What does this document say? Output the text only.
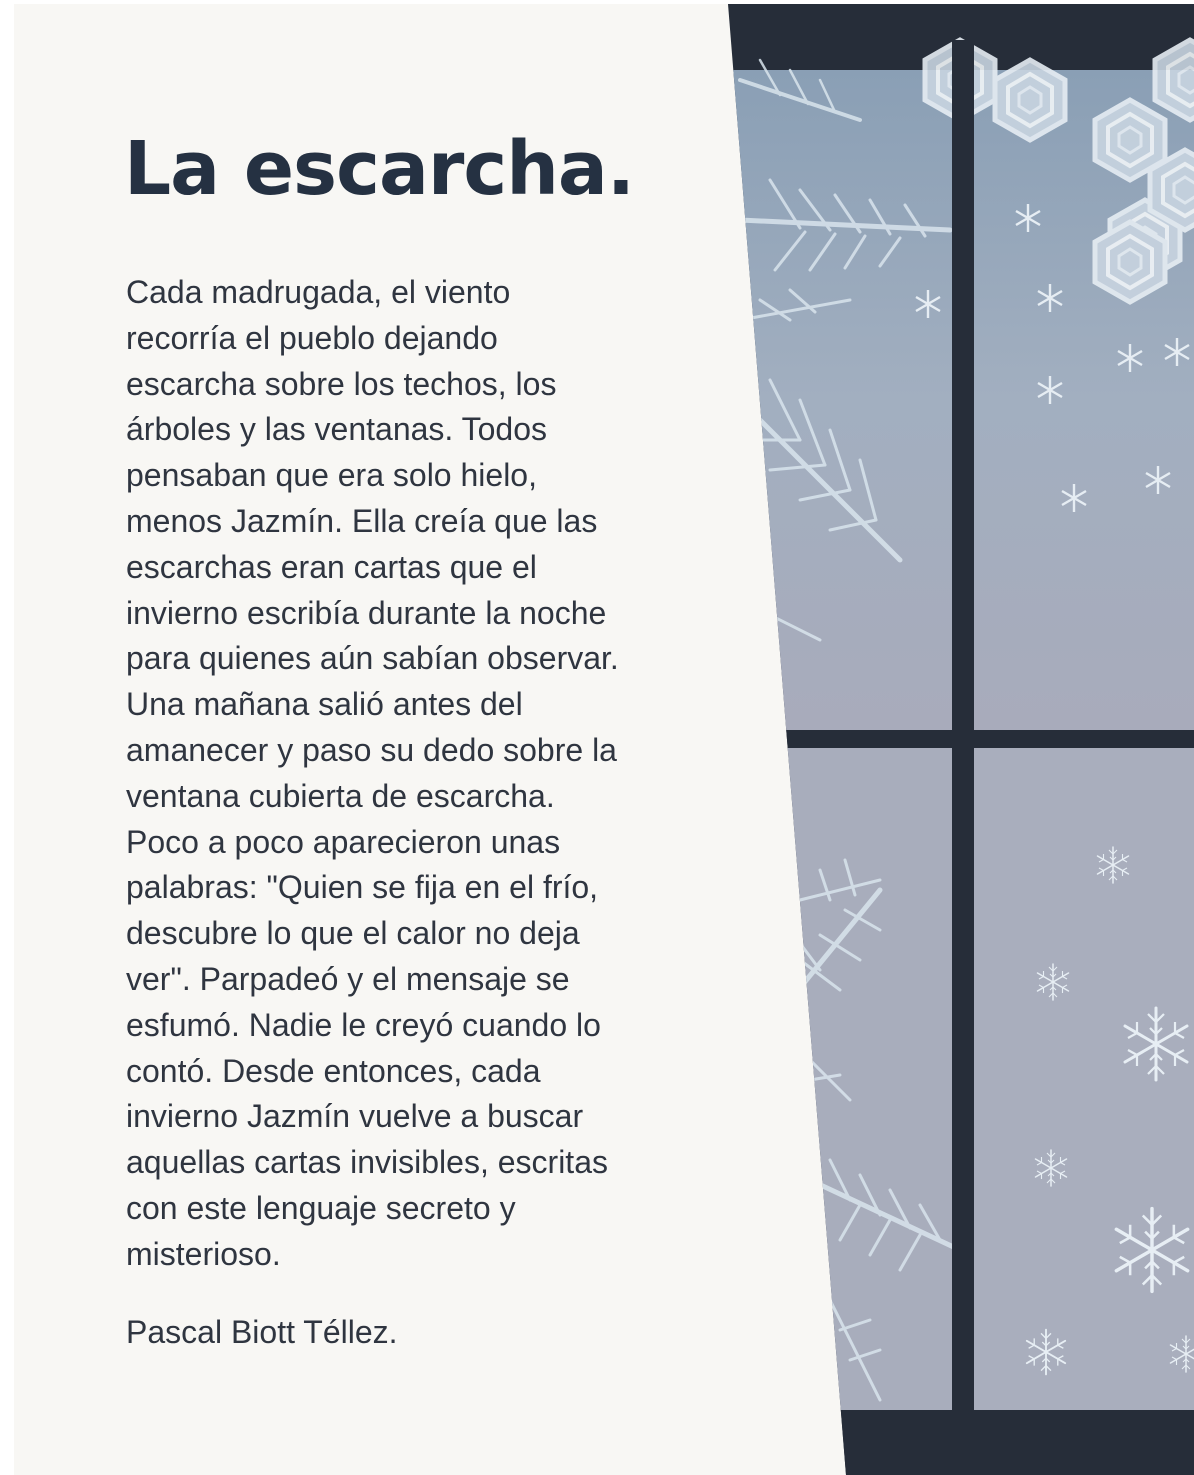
La escarcha.

Cada madrugada, el viento
recorría el pueblo dejando
escarcha sobre los techos, los
árboles y las ventanas. Todos
pensaban que era solo hielo,
menos Jazmín. Ella creía que las
escarchas eran cartas que el
invierno escribía durante la noche
para quienes aún sabían observar.
Una mañana salió antes del
amanecer y paso su dedo sobre la
ventana cubierta de escarcha.
Poco a poco aparecieron unas
palabras: "Quien se fija en el frío,
descubre lo que el calor no deja
ver". Parpadeó y el mensaje se
esfumó. Nadie le creyó cuando lo
contó. Desde entonces, cada
invierno Jazmín vuelve a buscar
aquellas cartas invisibles, escritas
con este lenguaje secreto y
misterioso.

Pascal Biott Téllez.
